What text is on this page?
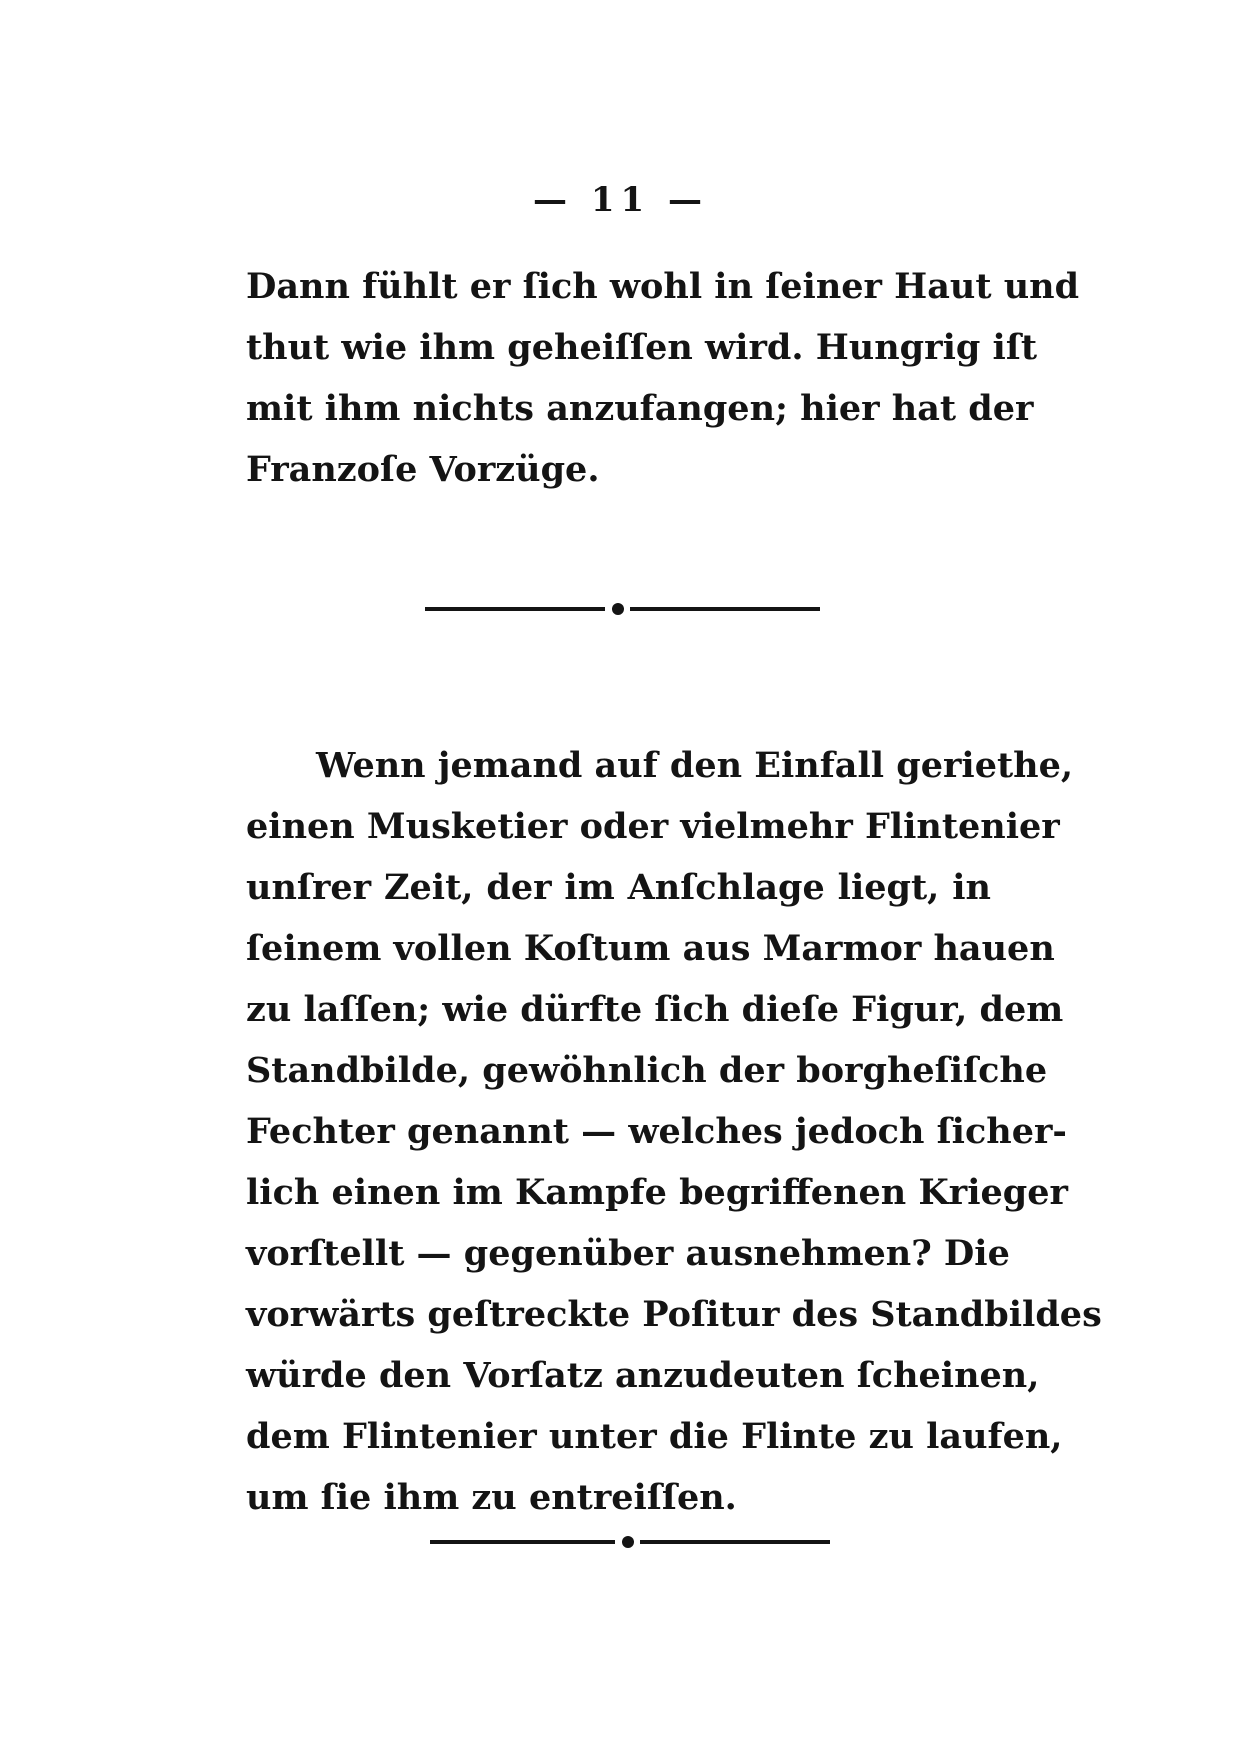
— 11 —
Dann fühlt er ſich wohl in ſeiner Haut und
thut wie ihm geheiſſen wird. Hungrig iſt
mit ihm nichts anzufangen; hier hat der
Franzoſe Vorzüge.
Wenn jemand auf den Einfall geriethe,
einen Musketier oder vielmehr Flintenier
unſrer Zeit, der im Anſchlage liegt, in
ſeinem vollen Koſtum aus Marmor hauen
zu laſſen; wie dürfte ſich dieſe Figur, dem
Standbilde, gewöhnlich der borgheſiſche
Fechter genannt — welches jedoch ſicher-
lich einen im Kampfe begriffenen Krieger
vorſtellt — gegenüber ausnehmen? Die
vorwärts geſtreckte Poſitur des Standbildes
würde den Vorſatz anzudeuten ſcheinen,
dem Flintenier unter die Flinte zu laufen,
um ſie ihm zu entreiſſen.
